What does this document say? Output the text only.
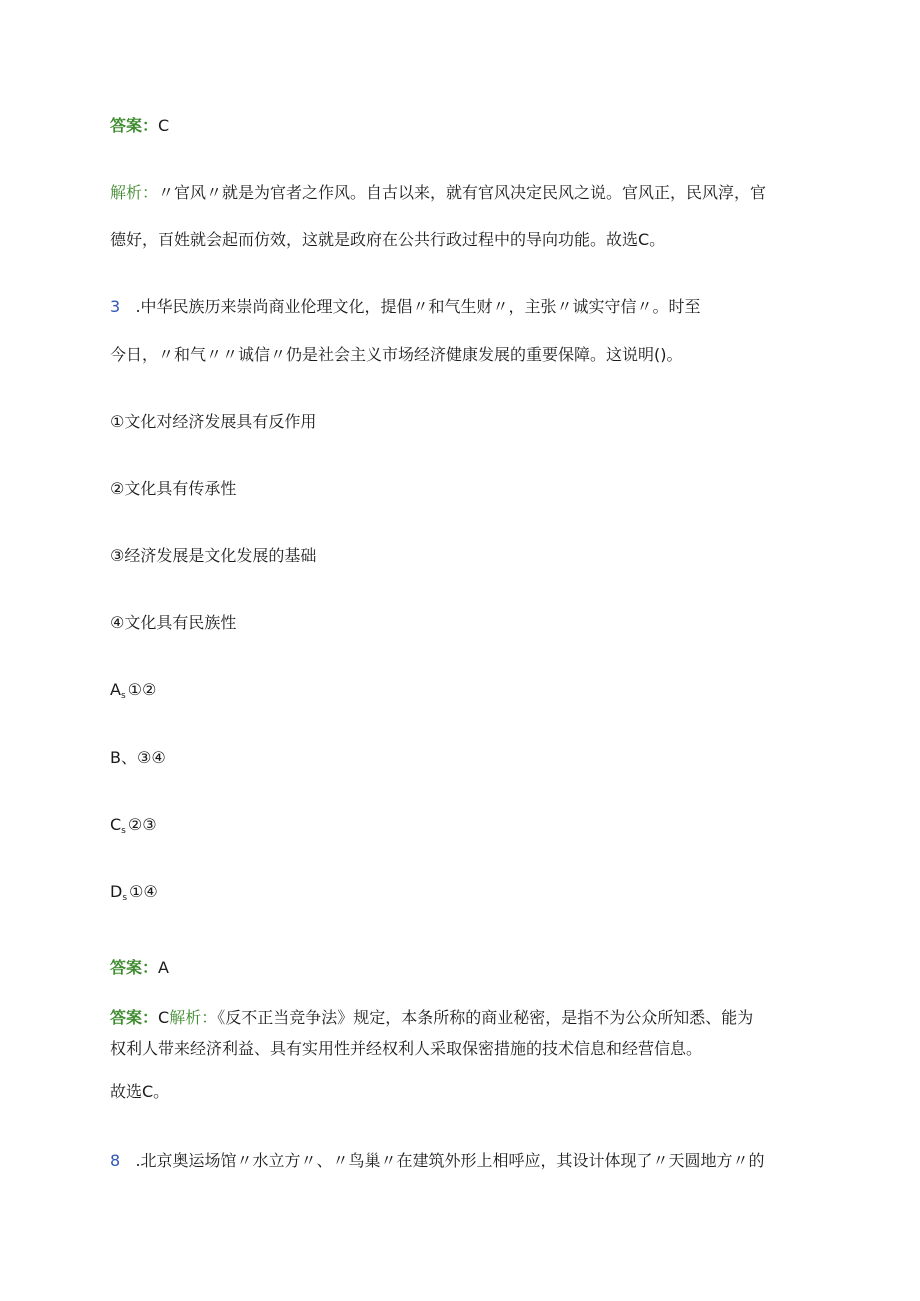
答案：C
解析：〃官风〃就是为官者之作风。自古以来，就有官风决定民风之说。官风正，民风淳，官
德好，百姓就会起而仿效，这就是政府在公共行政过程中的导向功能。故选C。
3 .中华民族历来崇尚商业伦理文化，提倡〃和气生财〃，主张〃诚实守信〃。时至
今日，〃和气〃〃诚信〃仍是社会主义市场经济健康发展的重要保障。这说明()。
①文化对经济发展具有反作用
②文化具有传承性
③经济发展是文化发展的基础
④文化具有民族性
$A_s$ ①②
B、③④
$C_s$ ②③
$D_s$ ①④
答案：A
答案：C解析：《反不正当竞争法》规定，本条所称的商业秘密，是指不为公众所知悉、能为
权利人带来经济利益、具有实用性并经权利人采取保密措施的技术信息和经营信息。
故选C。
8 .北京奥运场馆〃水立方〃、〃鸟巢〃在建筑外形上相呼应，其设计体现了〃天圆地方〃的
